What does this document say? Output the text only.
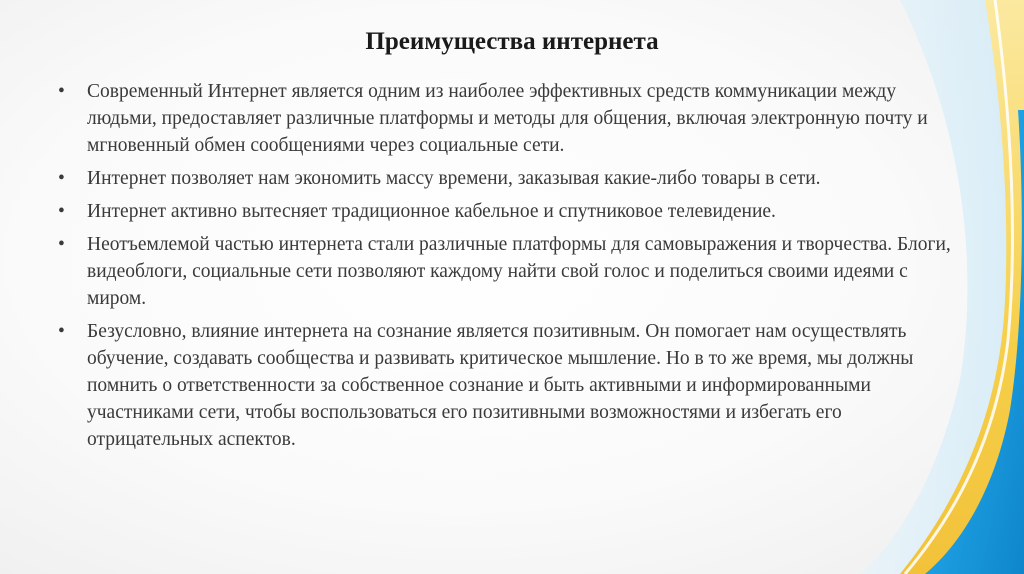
Преимущества интернета
• Современный Интернет является одним из наиболее эффективных средств коммуникации между людьми, предоставляет различные платформы и методы для общения, включая электронную почту и мгновенный обмен сообщениями через социальные сети.
• Интернет позволяет нам экономить массу времени, заказывая какие-либо товары в сети.
• Интернет активно вытесняет традиционное кабельное и спутниковое телевидение.
• Неотъемлемой частью интернета стали различные платформы для самовыражения и творчества. Блоги, видеоблоги, социальные сети позволяют каждому найти свой голос и поделиться своими идеями с миром.
• Безусловно, влияние интернета на сознание является позитивным. Он помогает нам осуществлять обучение, создавать сообщества и развивать критическое мышление. Но в то же время, мы должны помнить о ответственности за собственное сознание и быть активными и информированными участниками сети, чтобы воспользоваться его позитивными возможностями и избегать его отрицательных аспектов.
